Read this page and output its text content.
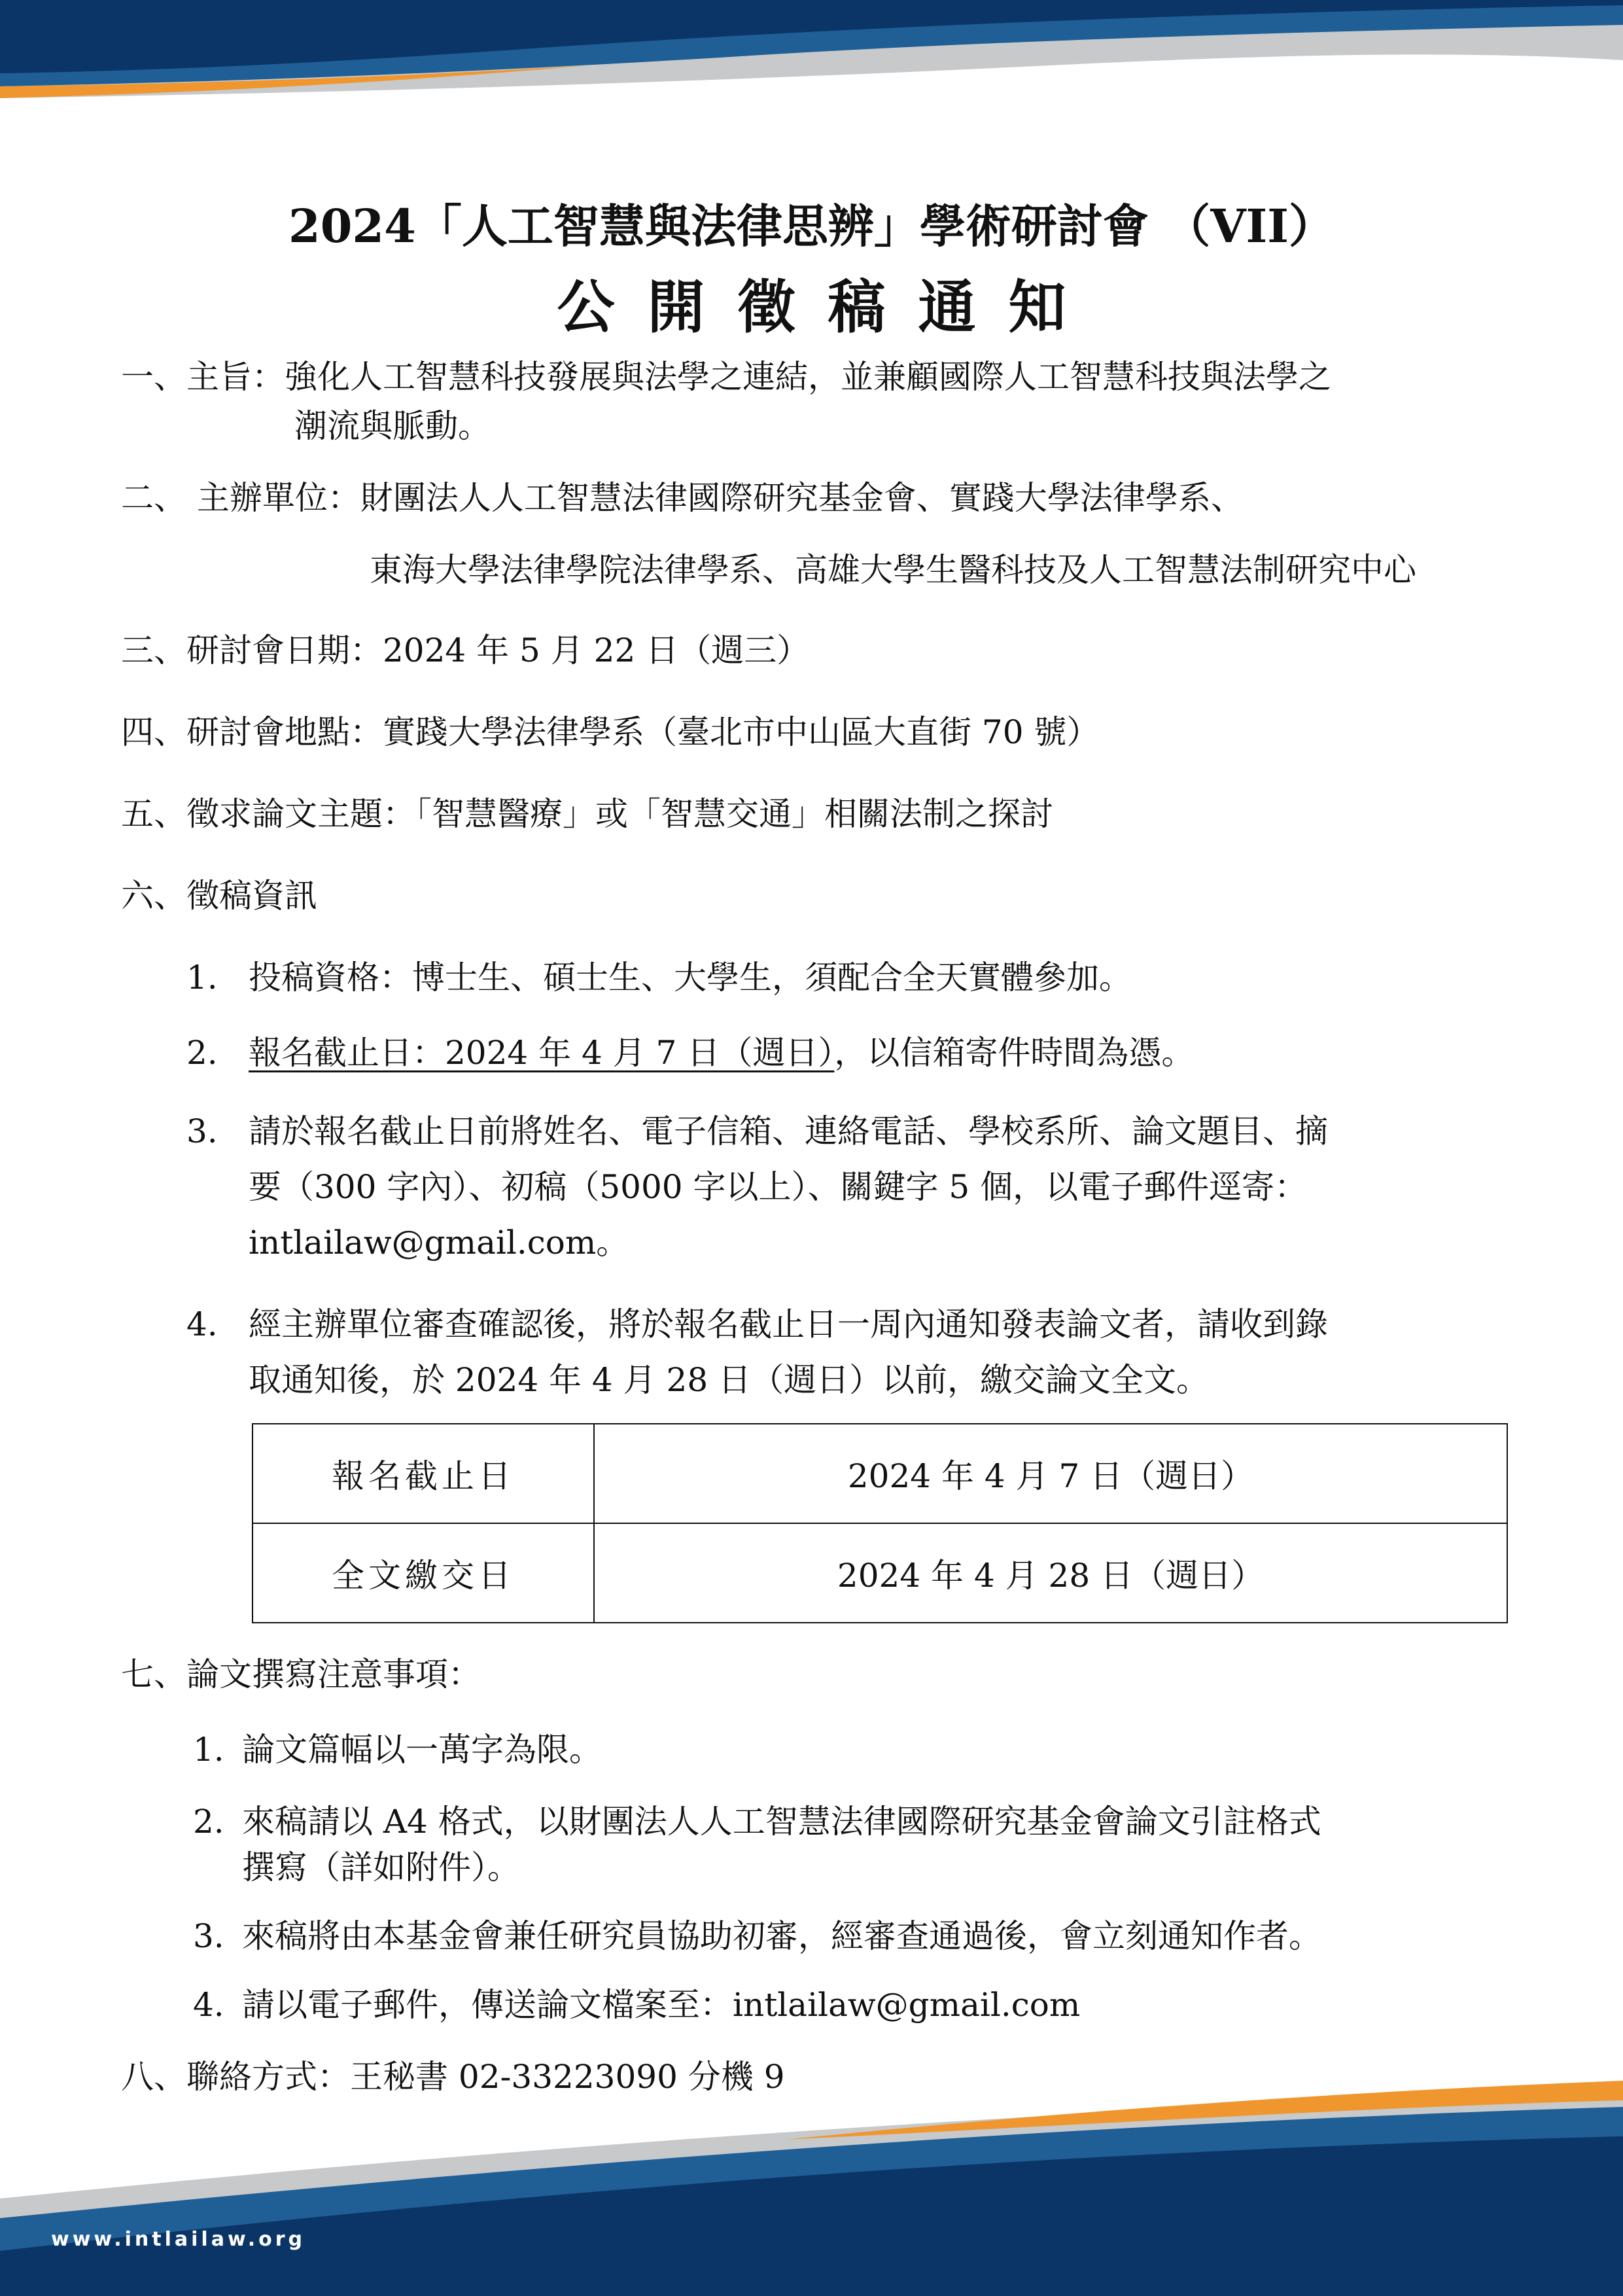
2024「人工智慧與法律思辨」學術研討會 （VII）
公開徵稿通知
一、主旨：強化人工智慧科技發展與法學之連結，並兼顧國際人工智慧科技與法學之
潮流與脈動。
二、 主辦單位：財團法人人工智慧法律國際研究基金會、實踐大學法律學系、
東海大學法律學院法律學系、高雄大學生醫科技及人工智慧法制研究中心
三、研討會日期：2024 年 5 月 22 日（週三）
四、研討會地點：實踐大學法律學系（臺北市中山區大直街 70 號）
五、徵求論文主題：「智慧醫療」或「智慧交通」相關法制之探討
六、徵稿資訊
1. 投稿資格：博士生、碩士生、大學生，須配合全天實體參加。
2. 報名截止日：2024 年 4 月 7 日（週日），以信箱寄件時間為憑。
3. 請於報名截止日前將姓名、電子信箱、連絡電話、學校系所、論文題目、摘
要（300 字內）、初稿（5000 字以上）、關鍵字 5 個，以電子郵件逕寄：
intlailaw@gmail.com。
4. 經主辦單位審查確認後，將於報名截止日一周內通知發表論文者，請收到錄
取通知後，於 2024 年 4 月 28 日（週日）以前，繳交論文全文。
報名截止日	2024 年 4 月 7 日（週日）
全文繳交日	2024 年 4 月 28 日（週日）
七、論文撰寫注意事項：
1. 論文篇幅以一萬字為限。
2. 來稿請以 A4 格式，以財團法人人工智慧法律國際研究基金會論文引註格式
撰寫（詳如附件）。
3. 來稿將由本基金會兼任研究員協助初審，經審查通過後，會立刻通知作者。
4. 請以電子郵件，傳送論文檔案至：intlailaw@gmail.com
八、聯絡方式：王秘書 02-33223090 分機 9
www.intlailaw.org
